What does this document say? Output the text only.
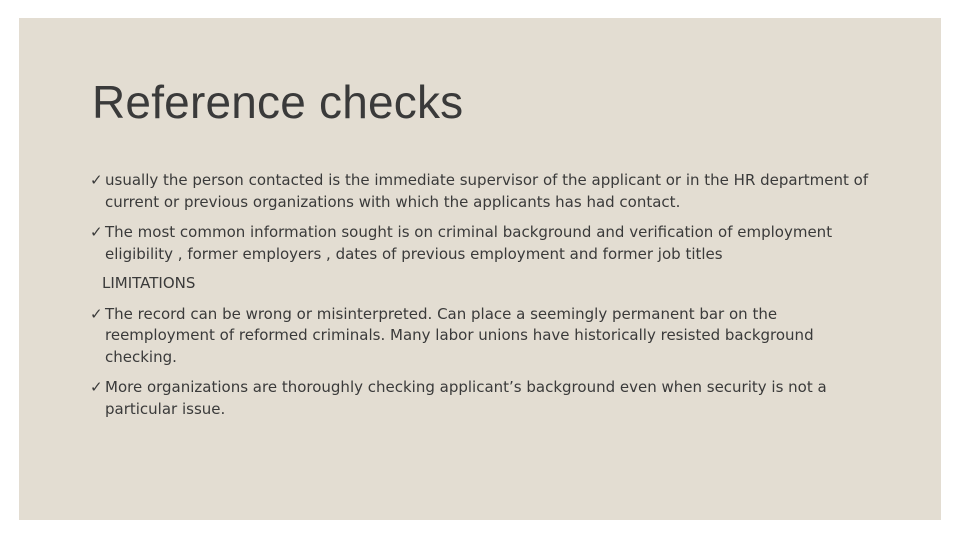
Reference checks
✓ usually the person contacted is the immediate supervisor of the applicant or in the HR department of current or previous organizations with which the applicants has had contact.
✓ The most common information sought is on criminal background and verification of employment eligibility , former employers , dates of previous employment and former job titles
LIMITATIONS
✓ The record can be wrong or misinterpreted. Can place a seemingly permanent bar on the reemployment of reformed criminals. Many labor unions have historically resisted background checking.
✓ More organizations are thoroughly checking applicant’s background even when security is not a particular issue.
